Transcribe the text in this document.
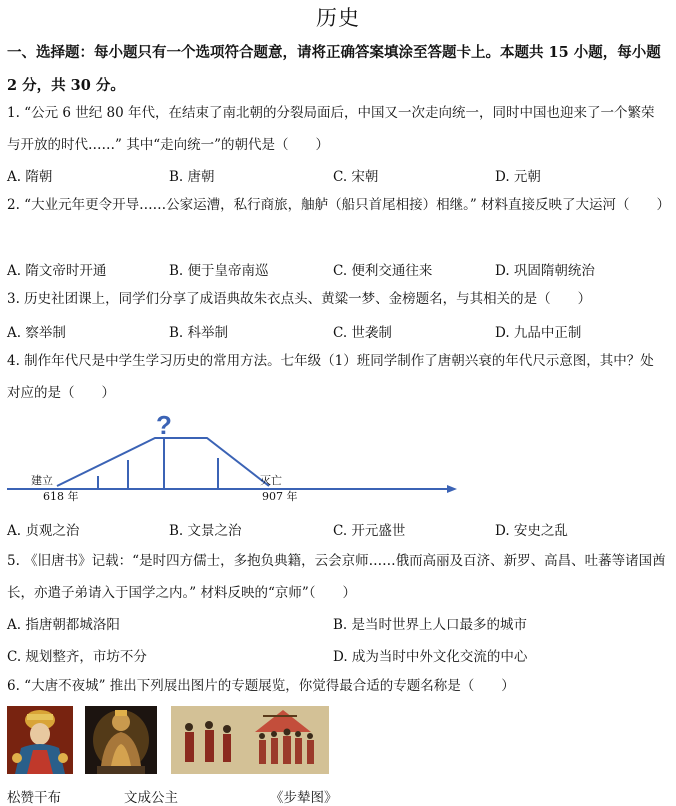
历史
一、选择题：每小题只有一个选项符合题意，请将正确答案填涂至答题卡上。本题共 15 小题，每小题 2 分，共 30 分。
1. “公元 6 世纪 80 年代，在结束了南北朝的分裂局面后，中国又一次走向统一，同时中国也迎来了一个繁荣与开放的时代……” 其中“走向统一”的朝代是（　　）
A. 隋朝	B. 唐朝	C. 宋朝	D. 元朝
2. “大业元年更令开导……公家运漕，私行商旅，舳舻（船只首尾相接）相继。” 材料直接反映了大运河（　　）
A. 隋文帝时开通	B. 便于皇帝南巡	C. 便利交通往来	D. 巩固隋朝统治
3. 历史社团课上，同学们分享了成语典故朱衣点头、黄粱一梦、金榜题名，与其相关的是（　　）
A. 察举制	B. 科举制	C. 世袭制	D. 九品中正制
4. 制作年代尺是中学生学习历史的常用方法。七年级（1）班同学制作了唐朝兴衰的年代尺示意图，其中？处对应的是（　　）
?
建立
618 年
灭亡
907 年
A. 贞观之治	B. 文景之治	C. 开元盛世	D. 安史之乱
5. 《旧唐书》记载：“是时四方儒士，多抱负典籍，云会京师……俄而高丽及百济、新罗、高昌、吐蕃等诸国酋长，亦遣子弟请入于国学之内。” 材料反映的“京师”（　　）
A. 指唐朝都城洛阳	B. 是当时世界上人口最多的城市
C. 规划整齐，市坊不分	D. 成为当时中外文化交流的中心
6. “大唐不夜城” 推出下列展出图片的专题展览，你觉得最合适的专题名称是（　　）
松赞干布	文成公主	《步辇图》
